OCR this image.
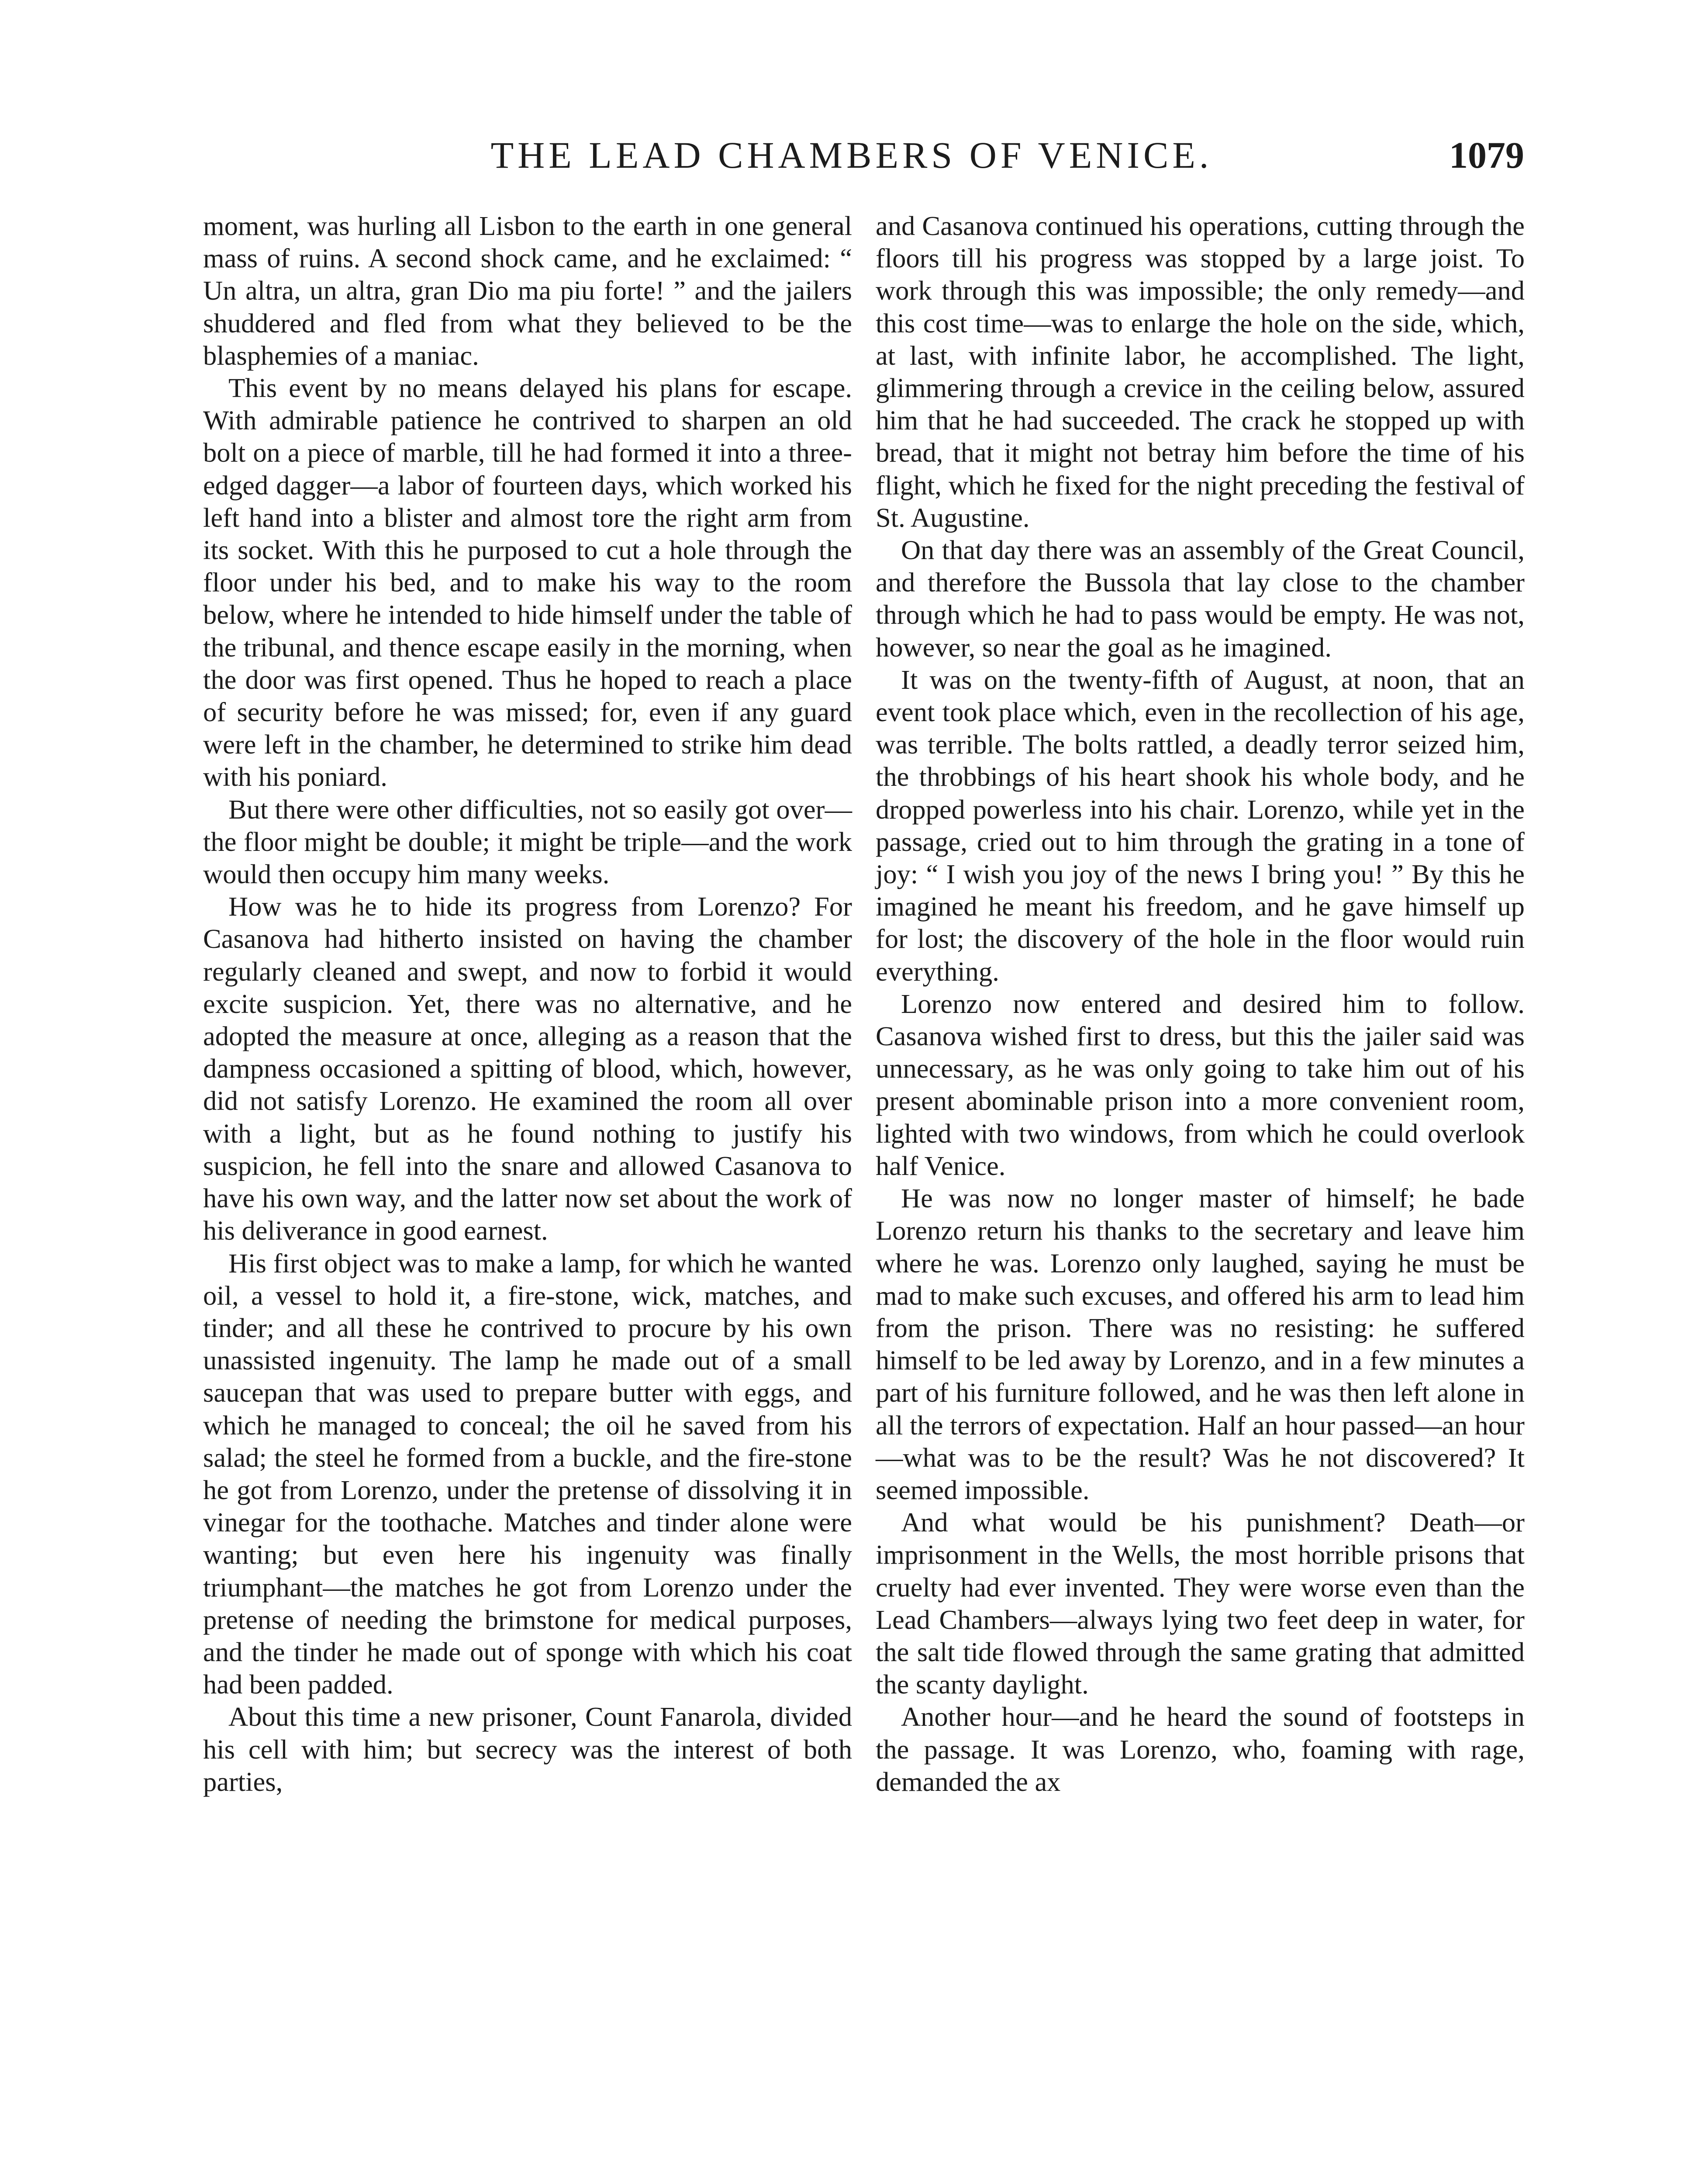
THE LEAD CHAMBERS OF VENICE.	1079

moment, was hurling all Lisbon to the earth in one general mass of ruins. A second shock came, and he exclaimed: “ Un altra, un altra, gran Dio ma piu forte! ” and the jailers shuddered and fled from what they believed to be the blasphemies of a maniac.

This event by no means delayed his plans for escape. With admirable patience he contrived to sharpen an old bolt on a piece of marble, till he had formed it into a three-edged dagger—a labor of fourteen days, which worked his left hand into a blister and almost tore the right arm from its socket. With this he purposed to cut a hole through the floor under his bed, and to make his way to the room below, where he intended to hide himself under the table of the tribunal, and thence escape easily in the morning, when the door was first opened. Thus he hoped to reach a place of security before he was missed; for, even if any guard were left in the chamber, he determined to strike him dead with his poniard.

But there were other difficulties, not so easily got over—the floor might be double; it might be triple—and the work would then occupy him many weeks.

How was he to hide its progress from Lorenzo? For Casanova had hitherto insisted on having the chamber regularly cleaned and swept, and now to forbid it would excite suspicion. Yet, there was no alternative, and he adopted the measure at once, alleging as a reason that the dampness occasioned a spitting of blood, which, however, did not satisfy Lorenzo. He examined the room all over with a light, but as he found nothing to justify his suspicion, he fell into the snare and allowed Casanova to have his own way, and the latter now set about the work of his deliverance in good earnest.

His first object was to make a lamp, for which he wanted oil, a vessel to hold it, a fire-stone, wick, matches, and tinder; and all these he contrived to procure by his own unassisted ingenuity. The lamp he made out of a small saucepan that was used to prepare butter with eggs, and which he managed to conceal; the oil he saved from his salad; the steel he formed from a buckle, and the fire-stone he got from Lorenzo, under the pretense of dissolving it in vinegar for the toothache. Matches and tinder alone were wanting; but even here his ingenuity was finally triumphant—the matches he got from Lorenzo under the pretense of needing the brimstone for medical purposes, and the tinder he made out of sponge with which his coat had been padded.

About this time a new prisoner, Count Fanarola, divided his cell with him; but secrecy was the interest of both parties,

and Casanova continued his operations, cutting through the floors till his progress was stopped by a large joist. To work through this was impossible; the only remedy—and this cost time—was to enlarge the hole on the side, which, at last, with infinite labor, he accomplished. The light, glimmering through a crevice in the ceiling below, assured him that he had succeeded. The crack he stopped up with bread, that it might not betray him before the time of his flight, which he fixed for the night preceding the festival of St. Augustine.

On that day there was an assembly of the Great Council, and therefore the Bussola that lay close to the chamber through which he had to pass would be empty. He was not, however, so near the goal as he imagined.

It was on the twenty-fifth of August, at noon, that an event took place which, even in the recollection of his age, was terrible. The bolts rattled, a deadly terror seized him, the throbbings of his heart shook his whole body, and he dropped powerless into his chair. Lorenzo, while yet in the passage, cried out to him through the grating in a tone of joy: “ I wish you joy of the news I bring you! ” By this he imagined he meant his freedom, and he gave himself up for lost; the discovery of the hole in the floor would ruin everything.

Lorenzo now entered and desired him to follow. Casanova wished first to dress, but this the jailer said was unnecessary, as he was only going to take him out of his present abominable prison into a more convenient room, lighted with two windows, from which he could overlook half Venice.

He was now no longer master of himself; he bade Lorenzo return his thanks to the secretary and leave him where he was. Lorenzo only laughed, saying he must be mad to make such excuses, and offered his arm to lead him from the prison. There was no resisting: he suffered himself to be led away by Lorenzo, and in a few minutes a part of his furniture followed, and he was then left alone in all the terrors of expectation. Half an hour passed—an hour—what was to be the result? Was he not discovered? It seemed impossible.

And what would be his punishment? Death—or imprisonment in the Wells, the most horrible prisons that cruelty had ever invented. They were worse even than the Lead Chambers—always lying two feet deep in water, for the salt tide flowed through the same grating that admitted the scanty daylight.

Another hour—and he heard the sound of footsteps in the passage. It was Lorenzo, who, foaming with rage, demanded the ax
